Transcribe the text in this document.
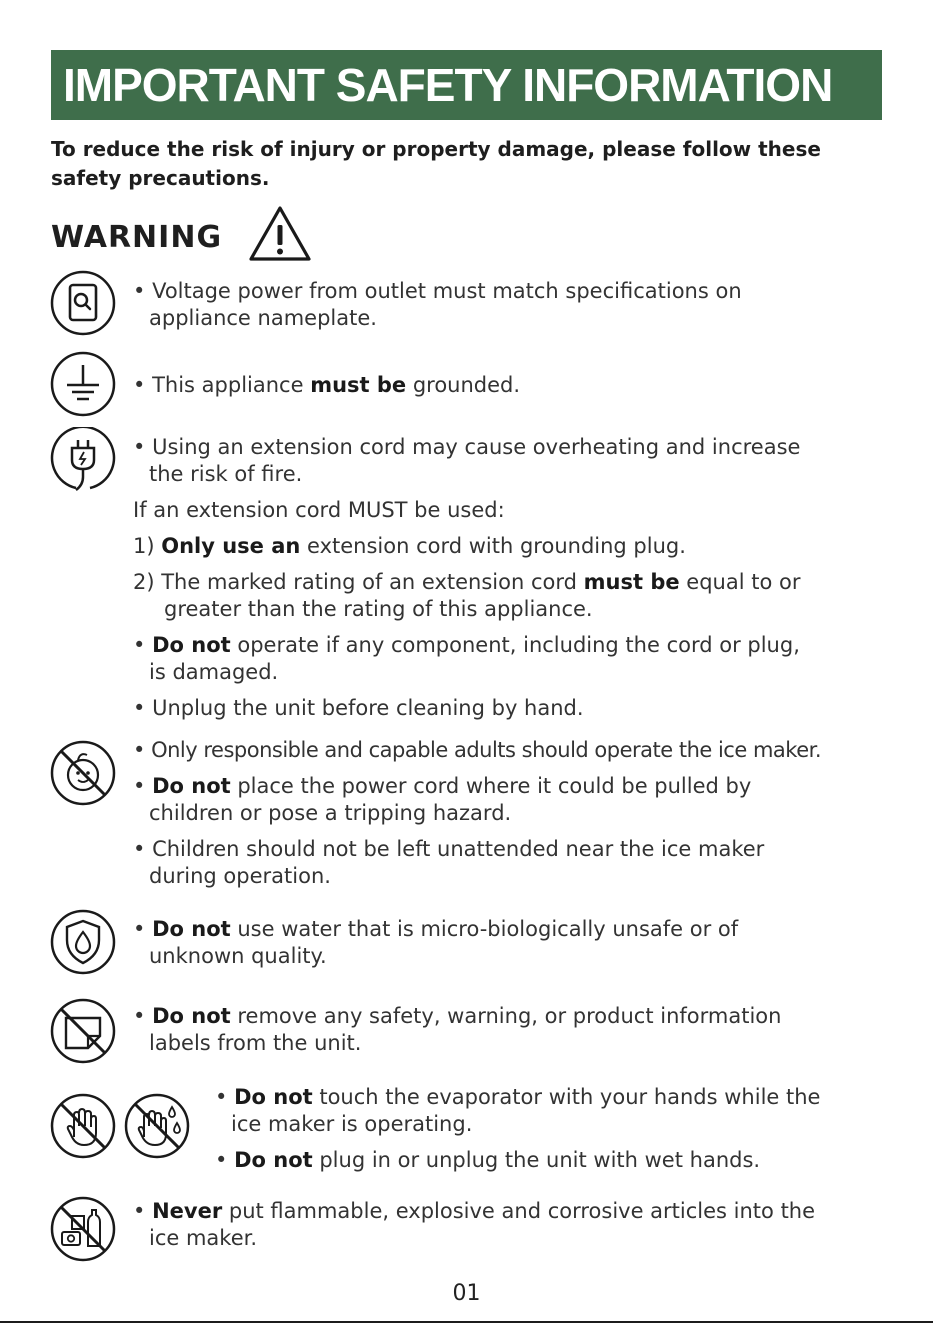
IMPORTANT SAFETY INFORMATION
To reduce the risk of injury or property damage, please follow these safety precautions.
WARNING
• Voltage power from outlet must match specifications on
appliance nameplate.
• This appliance must be grounded.
• Using an extension cord may cause overheating and increase
the risk of fire.
If an extension cord MUST be used:
1) Only use an extension cord with grounding plug.
2) The marked rating of an extension cord must be equal to or
greater than the rating of this appliance.
• Do not operate if any component, including the cord or plug,
is damaged.
• Unplug the unit before cleaning by hand.
• Only responsible and capable adults should operate the ice maker.
• Do not place the power cord where it could be pulled by
children or pose a tripping hazard.
• Children should not be left unattended near the ice maker
during operation.
• Do not use water that is micro-biologically unsafe or of
unknown quality.
• Do not remove any safety, warning, or product information
labels from the unit.
• Do not touch the evaporator with your hands while the
ice maker is operating.
• Do not plug in or unplug the unit with wet hands.
• Never put flammable, explosive and corrosive articles into the
ice maker.
01
